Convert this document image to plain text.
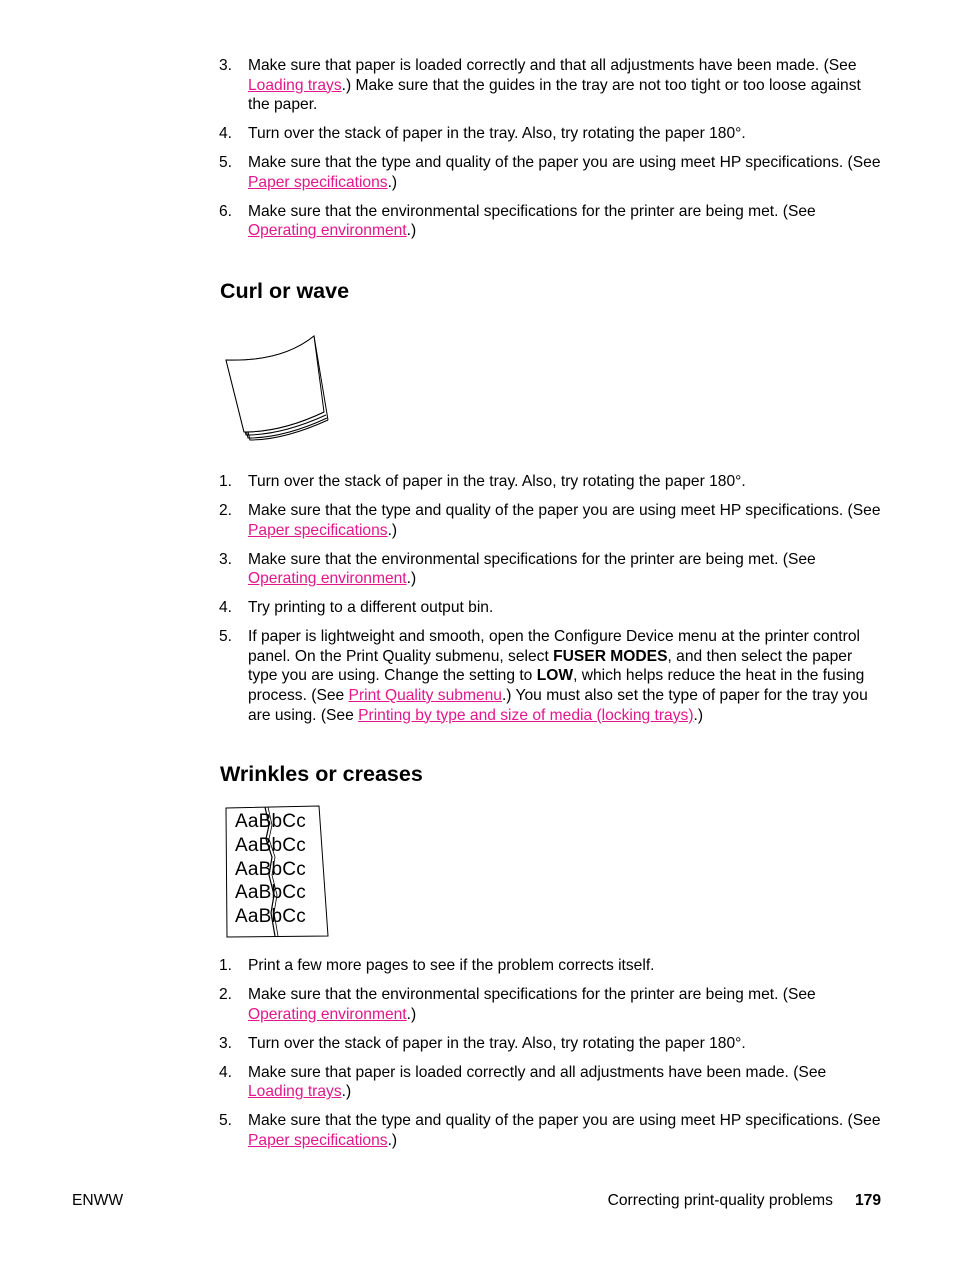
3. Make sure that paper is loaded correctly and that all adjustments have been made. (See Loading trays.) Make sure that the guides in the tray are not too tight or too loose against the paper.
4. Turn over the stack of paper in the tray. Also, try rotating the paper 180°.
5. Make sure that the type and quality of the paper you are using meet HP specifications. (See Paper specifications.)
6. Make sure that the environmental specifications for the printer are being met. (See Operating environment.)
Curl or wave
1. Turn over the stack of paper in the tray. Also, try rotating the paper 180°.
2. Make sure that the type and quality of the paper you are using meet HP specifications. (See Paper specifications.)
3. Make sure that the environmental specifications for the printer are being met. (See Operating environment.)
4. Try printing to a different output bin.
5. If paper is lightweight and smooth, open the Configure Device menu at the printer control panel. On the Print Quality submenu, select FUSER MODES, and then select the paper type you are using. Change the setting to LOW, which helps reduce the heat in the fusing process. (See Print Quality submenu.) You must also set the type of paper for the tray you are using. (See Printing by type and size of media (locking trays).)
Wrinkles or creases
AaBbCc
AaBbCc
AaBbCc
AaBbCc
AaBbCc
1. Print a few more pages to see if the problem corrects itself.
2. Make sure that the environmental specifications for the printer are being met. (See Operating environment.)
3. Turn over the stack of paper in the tray. Also, try rotating the paper 180°.
4. Make sure that paper is loaded correctly and all adjustments have been made. (See Loading trays.)
5. Make sure that the type and quality of the paper you are using meet HP specifications. (See Paper specifications.)
ENWW	Correcting print-quality problems 179
